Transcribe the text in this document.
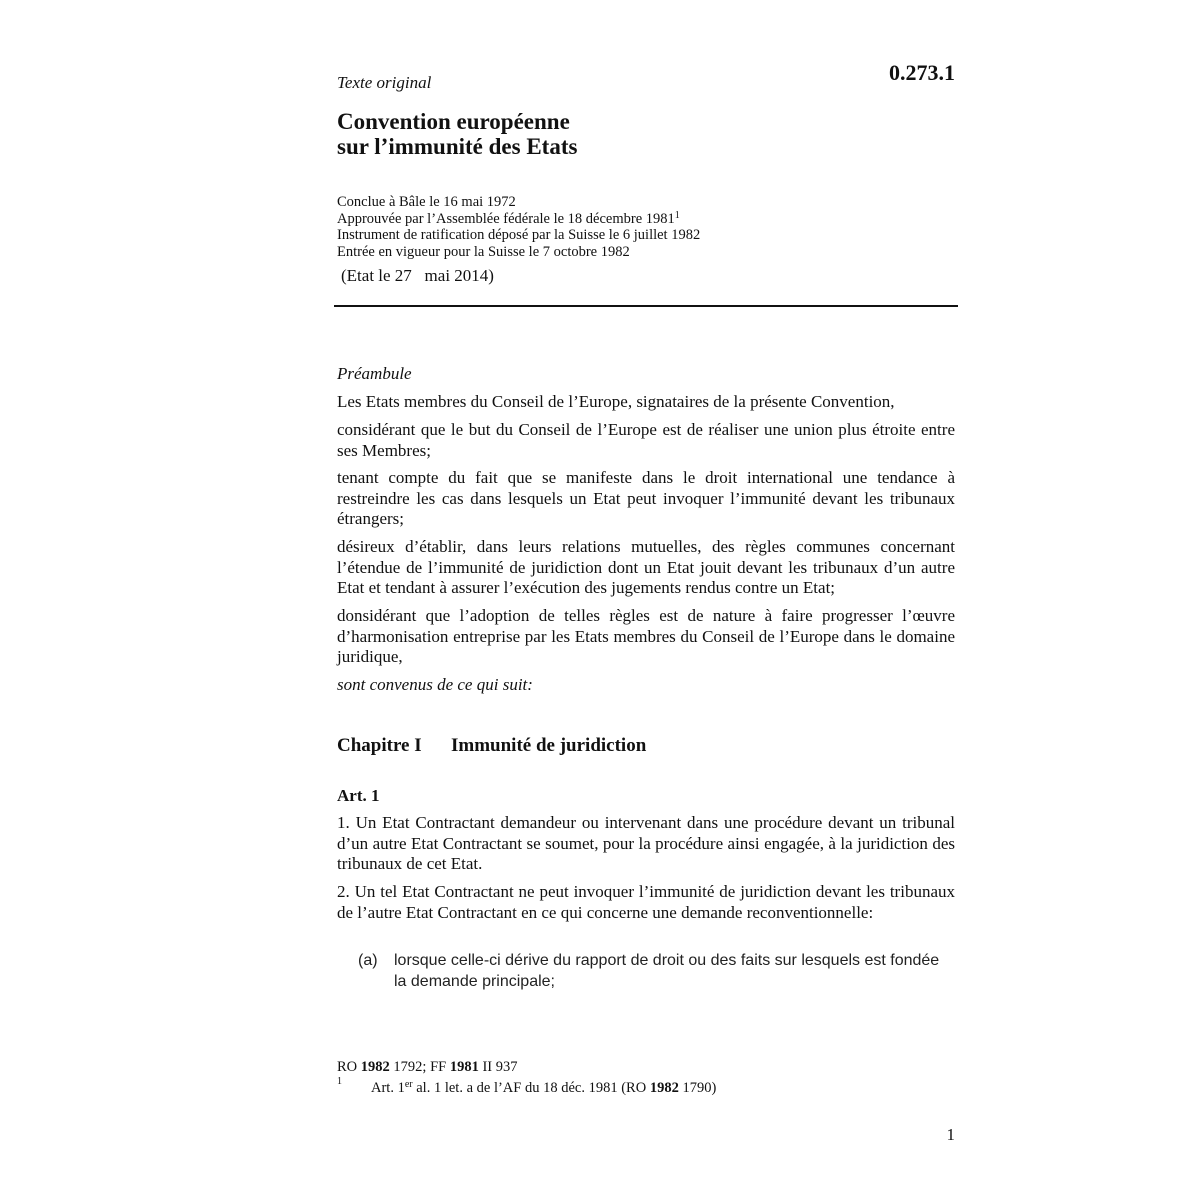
Texte original	0.273.1
Convention européenne
sur l’immunité des Etats
Conclue à Bâle le 16 mai 1972
Approuvée par l’Assemblée fédérale le 18 décembre 1981$^1$
Instrument de ratification déposé par la Suisse le 6 juillet 1982
Entrée en vigueur pour la Suisse le 7 octobre 1982
(Etat le 27   mai 2014)
Préambule
Les Etats membres du Conseil de l’Europe, signataires de la présente Convention,
considérant que le but du Conseil de l’Europe est de réaliser une union plus étroite entre ses Membres;
tenant compte du fait que se manifeste dans le droit international une tendance à restreindre les cas dans lesquels un Etat peut invoquer l’immunité devant les tribunaux étrangers;
désireux d’établir, dans leurs relations mutuelles, des règles communes concernant l’étendue de l’immunité de juridiction dont un Etat jouit devant les tribunaux d’un autre Etat et tendant à assurer l’exécution des jugements rendus contre un Etat;
donsidérant que l’adoption de telles règles est de nature à faire progresser l’œuvre d’harmonisation entreprise par les Etats membres du Conseil de l’Europe dans le domaine juridique,
sont convenus de ce qui suit:
Chapitre I Immunité de juridiction
Art. 1
1. Un Etat Contractant demandeur ou intervenant dans une procédure devant un tribunal d’un autre Etat Contractant se soumet, pour la procédure ainsi engagée, à la juridiction des tribunaux de cet Etat.
2. Un tel Etat Contractant ne peut invoquer l’immunité de juridiction devant les tribunaux de l’autre Etat Contractant en ce qui concerne une demande reconventionnelle:
(a) lorsque celle-ci dérive du rapport de droit ou des faits sur lesquels est fondée la demande principale;
RO 1982 1792; FF 1981 II 937
1 Art. 1er al. 1 let. a de l’AF du 18 déc. 1981 (RO 1982 1790)
1
